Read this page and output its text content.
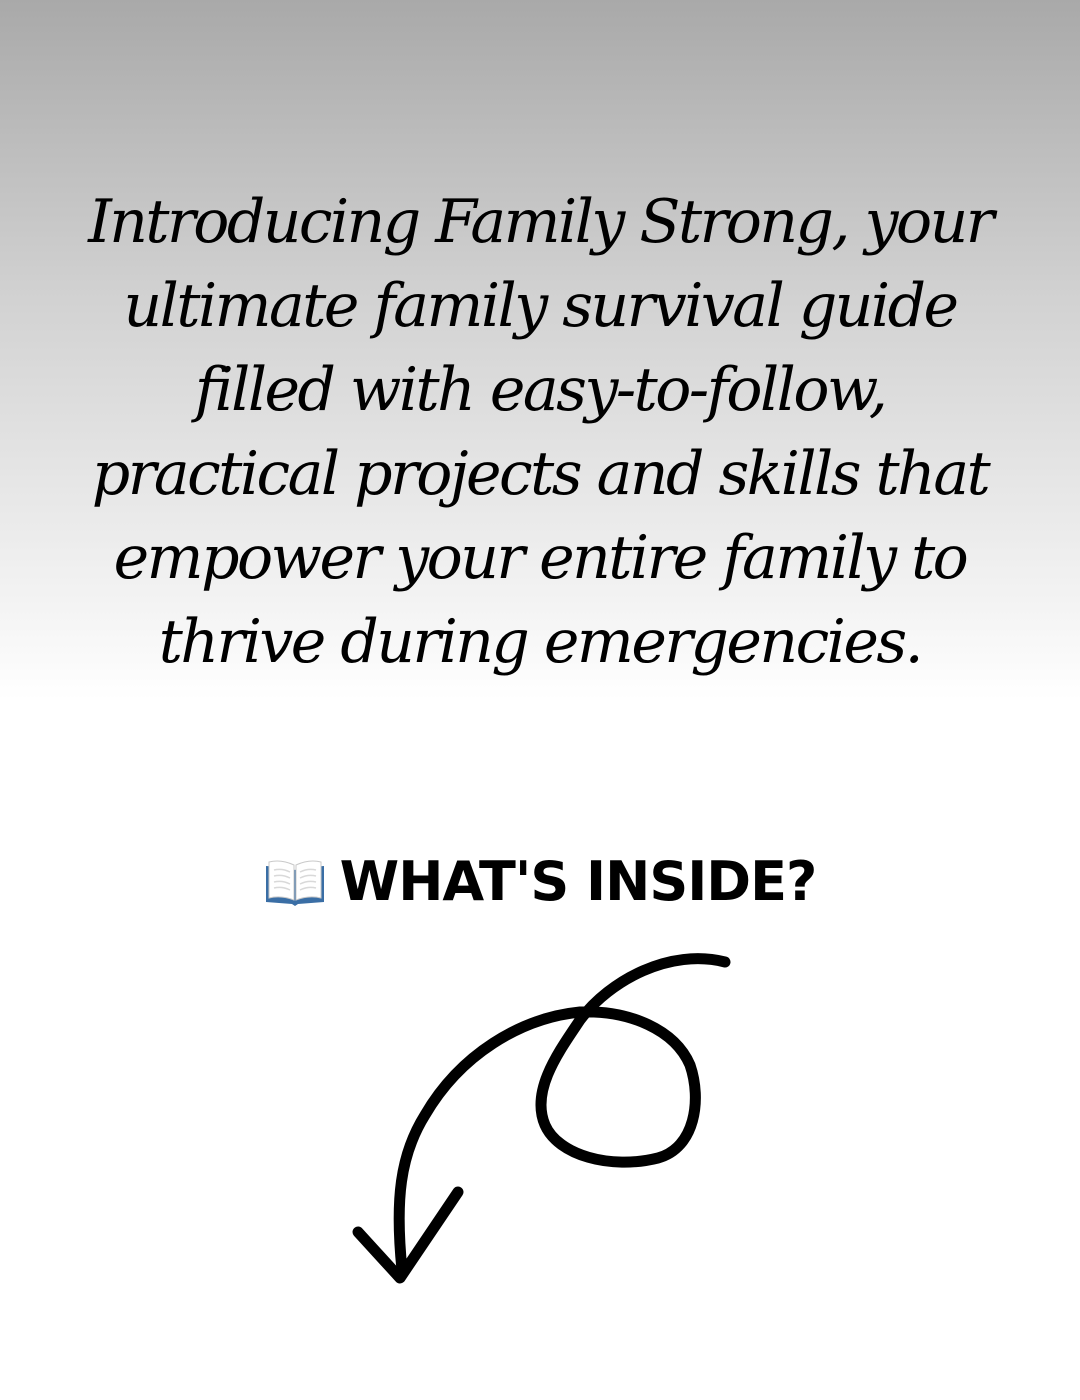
Introducing Family Strong, your
ultimate family survival guide
filled with easy-to-follow,
practical projects and skills that
empower your entire family to
thrive during emergencies.

WHAT'S INSIDE?
